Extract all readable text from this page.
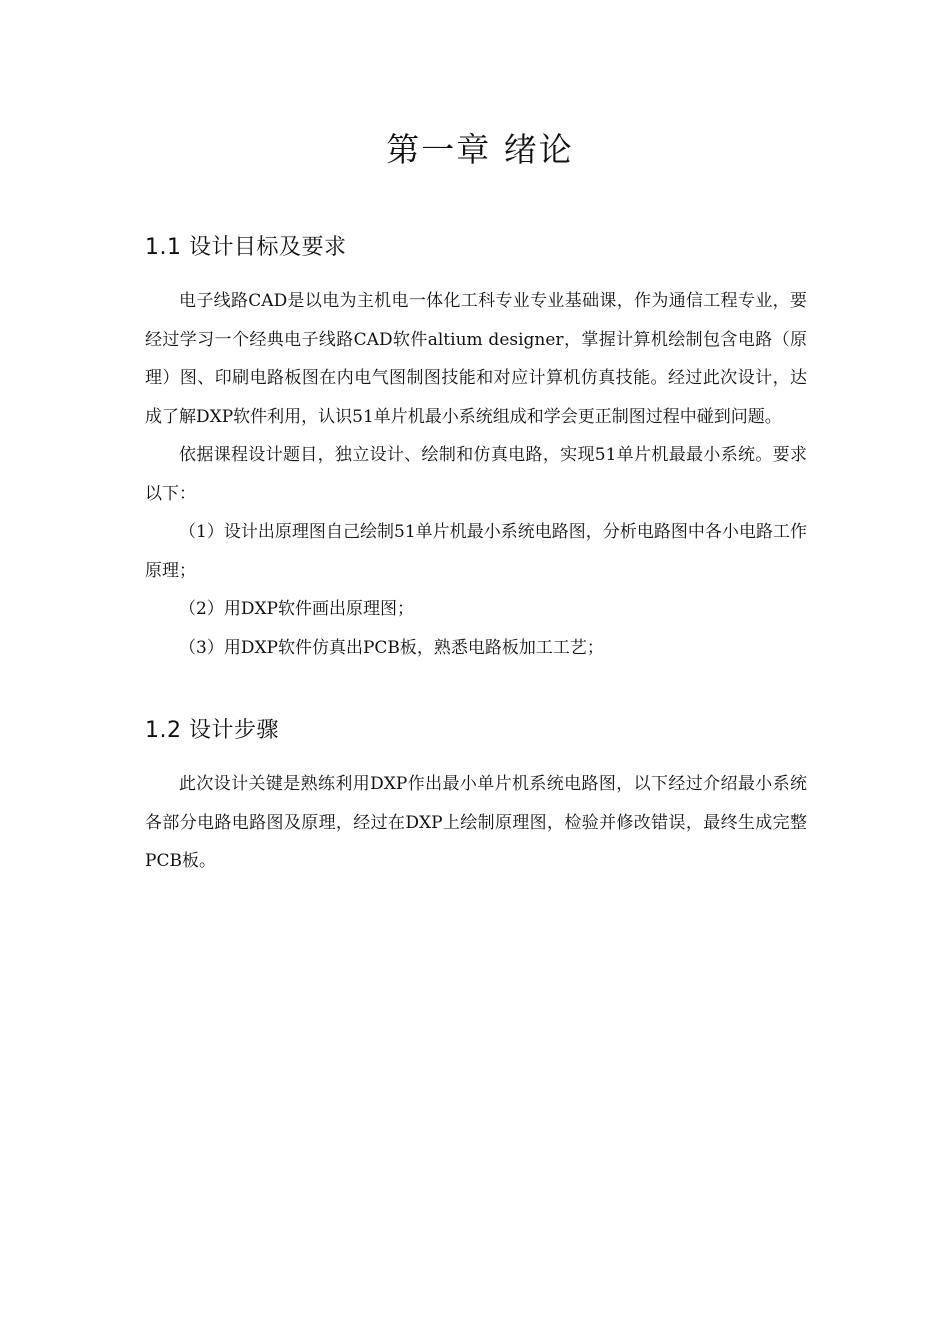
第一章 绪论
1.1 设计目标及要求

电子线路CAD是以电为主机电一体化工科专业专业基础课，作为通信工程专业，要经过学习一个经典电子线路CAD软件altium designer，掌握计算机绘制包含电路（原理）图、印刷电路板图在内电气图制图技能和对应计算机仿真技能。经过此次设计，达成了解DXP软件利用，认识51单片机最小系统组成和学会更正制图过程中碰到问题。

依据课程设计题目，独立设计、绘制和仿真电路，实现51单片机最最小系统。要求以下：

（1）设计出原理图自己绘制51单片机最小系统电路图，分析电路图中各小电路工作原理；

（2）用DXP软件画出原理图；

（3）用DXP软件仿真出PCB板，熟悉电路板加工工艺；

1.2 设计步骤

此次设计关键是熟练利用DXP作出最小单片机系统电路图，以下经过介绍最小系统各部分电路电路图及原理，经过在DXP上绘制原理图，检验并修改错误，最终生成完整PCB板。
